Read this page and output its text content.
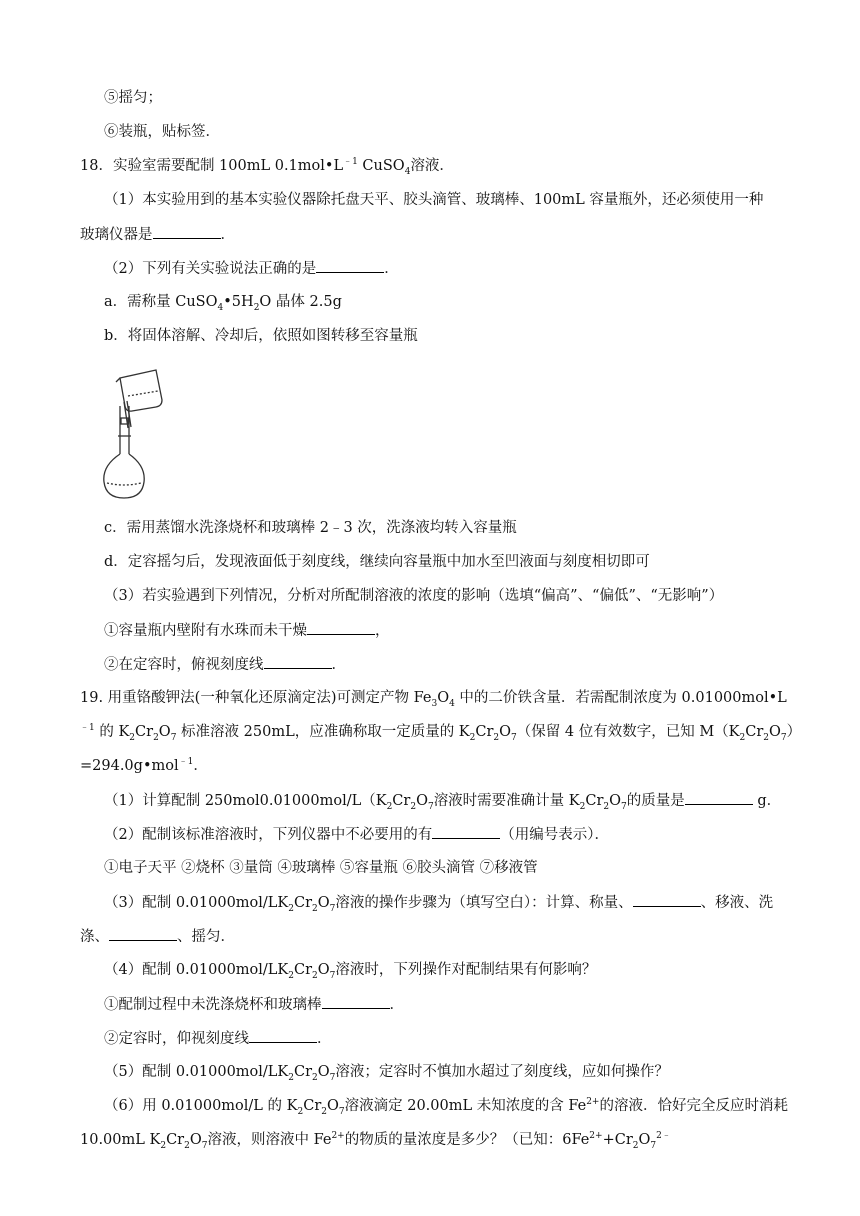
⑤摇匀；
⑥装瓶，贴标签．
18．实验室需要配制 100mL $0.1mol•L^{﹣1}$ CuSO$_4$溶液．
（1）本实验用到的基本实验仪器除托盘天平、胶头滴管、玻璃棒、100mL 容量瓶外，还必须使用一种
玻璃仪器是	．
（2）下列有关实验说法正确的是	．
a．需称量 $CuSO_4•5H_2O$ 晶体 2.5g
b．将固体溶解、冷却后，依照如图转移至容量瓶
c．需用蒸馏水洗涤烧杯和玻璃棒 2﹣3 次，洗涤液均转入容量瓶
d．定容摇匀后，发现液面低于刻度线，继续向容量瓶中加水至凹液面与刻度相切即可
（3）若实验遇到下列情况，分析对所配制溶液的浓度的影响（选填“偏高”、“偏低”、“无影响”）
①容量瓶内壁附有水珠而未干燥	，
②在定容时，俯视刻度线	．
19. 用重铬酸钾法(一种氧化还原滴定法)可测定产物 $Fe_3O_4$ 中的二价铁含量．若需配制浓度为 0.01000mol•L
$^{﹣1}$ 的 $K_2Cr_2O_7$ 标准溶液 250mL，应准确称取一定质量的 $K_2Cr_2O_7$（保留 4 位有效数字，已知 $M(K_2Cr_2O_7)$
=294.0g•mol$^{﹣1}$．
（1）计算配制 $250mol0.01000mol/L(K_2Cr_2O_7$溶液时需要准确计量 $K_2Cr_2O_7$的质量是	g．
（2）配制该标准溶液时，下列仪器中不必要用的有	（用编号表示）．
①电子天平 ②烧杯 ③量筒 ④玻璃棒 ⑤容量瓶 ⑥胶头滴管 ⑦移液管
（3）配制 $0.01000mol/LK_2Cr_2O_7$溶液的操作步骤为（填写空白）：计算、称量、	、移液、洗
涤、	、摇匀．
（4）配制 $0.01000mol/LK_2Cr_2O_7$溶液时，下列操作对配制结果有何影响？
①配制过程中未洗涤烧杯和玻璃棒	．
②定容时，仰视刻度线	．
（5）配制 $0.01000mol/LK_2Cr_2O_7$溶液；定容时不慎加水超过了刻度线，应如何操作？
（6）用 0.01000mol/L 的 $K_2Cr_2O_7$溶液滴定 20.00mL 未知浓度的含 $Fe^{2+}$的溶液．恰好完全反应时消耗
10.00mL $K_2Cr_2O_7$溶液，则溶液中 $Fe^{2+}$的物质的量浓度是多少？（已知：$6Fe^{2+}+Cr_2O_7^{2﹣}$
